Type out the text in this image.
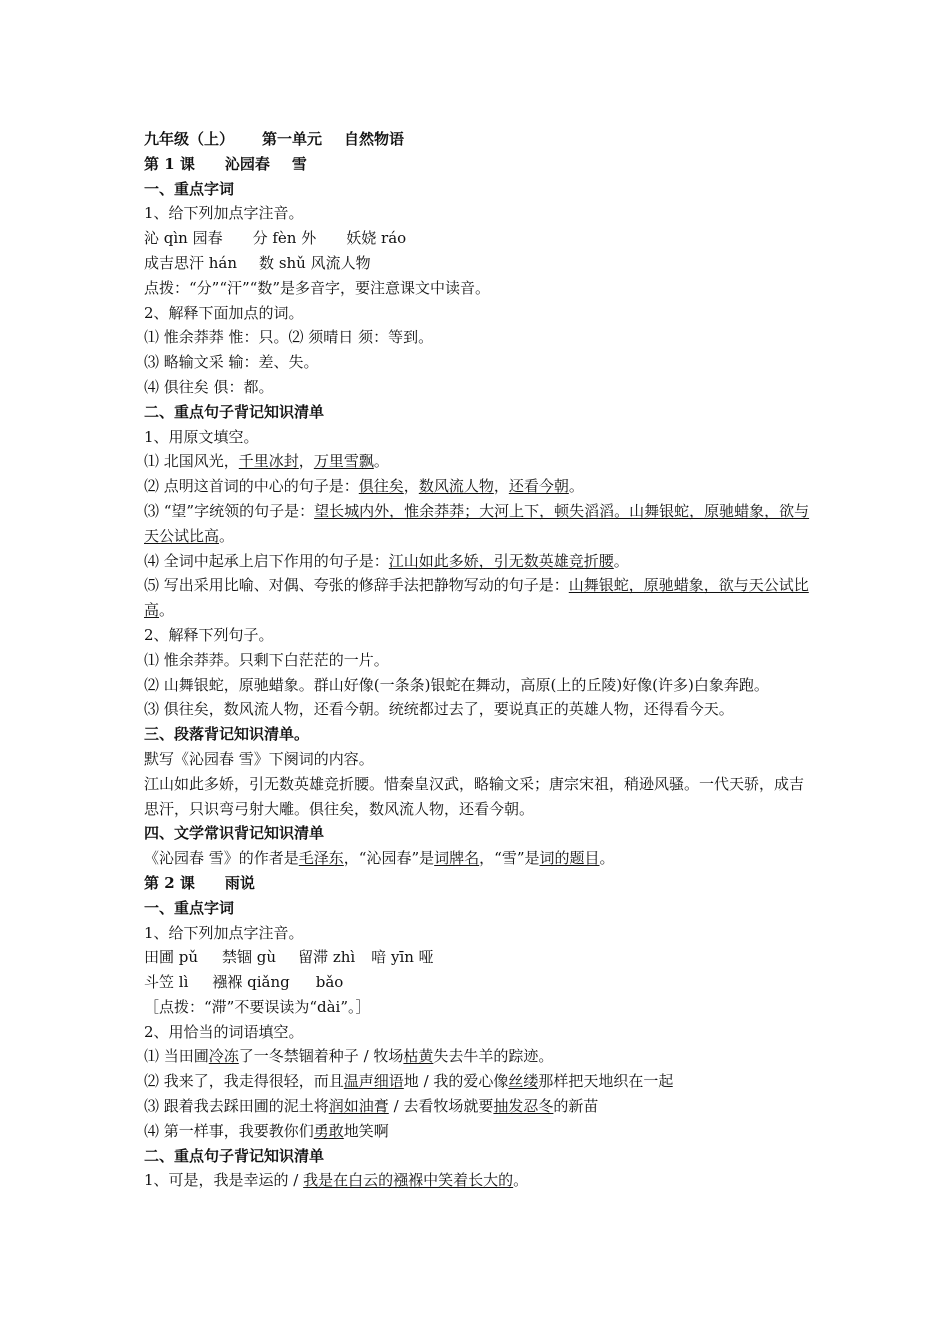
九年级（上） 第一单元 自然物语
第 1 课 沁园春 雪
一、重点字词
1、给下列加点字注音。
沁 qìn 园春 分 fèn 外 妖娆 ráo
成吉思汗 hán 数 shǔ 风流人物
点拨：“分”“汗”“数”是多音字，要注意课文中读音。
2、解释下面加点的词。
⑴ 惟余莽莽 惟：只。⑵ 须晴日 须：等到。
⑶ 略输文采 输：差、失。
⑷ 俱往矣 俱：都。
二、重点句子背记知识清单
1、用原文填空。
⑴ 北国风光，千里冰封，万里雪飘。
⑵ 点明这首词的中心的句子是：俱往矣，数风流人物，还看今朝。
⑶ “望”字统领的句子是：望长城内外，惟余莽莽；大河上下，顿失滔滔。山舞银蛇，原驰蜡象，欲与天公试比高。
⑷ 全词中起承上启下作用的句子是：江山如此多娇，引无数英雄竞折腰。
⑸ 写出采用比喻、对偶、夸张的修辞手法把静物写动的句子是：山舞银蛇，原驰蜡象，欲与天公试比高。
2、解释下列句子。
⑴ 惟余莽莽。只剩下白茫茫的一片。
⑵ 山舞银蛇，原驰蜡象。群山好像(一条条)银蛇在舞动，高原(上的丘陵)好像(许多)白象奔跑。
⑶ 俱往矣，数风流人物，还看今朝。统统都过去了，要说真正的英雄人物，还得看今天。
三、段落背记知识清单。
默写《沁园春 雪》下阕词的内容。
江山如此多娇，引无数英雄竞折腰。惜秦皇汉武，略输文采；唐宗宋祖，稍逊风骚。一代天骄，成吉思汗，只识弯弓射大雕。俱往矣，数风流人物，还看今朝。
四、文学常识背记知识清单
《沁园春 雪》的作者是毛泽东，“沁园春”是词牌名，“雪”是词的题目。
第 2 课 雨说
一、重点字词
1、给下列加点字注音。
田圃 pǔ 禁锢 gù 留滞 zhì 喑 yīn 哑
斗笠 lì 襁褓 qiǎng bǎo
［点拨：“滞”不要误读为“dài”。］
2、用恰当的词语填空。
⑴ 当田圃冷冻了一冬禁锢着种子 / 牧场枯黄失去牛羊的踪迹。
⑵ 我来了，我走得很轻，而且温声细语地 / 我的爱心像丝缕那样把天地织在一起
⑶ 跟着我去踩田圃的泥土将润如油膏 / 去看牧场就要抽发忍冬的新苗
⑷ 第一样事，我要教你们勇敢地笑啊
二、重点句子背记知识清单
1、可是，我是幸运的 / 我是在白云的襁褓中笑着长大的。
